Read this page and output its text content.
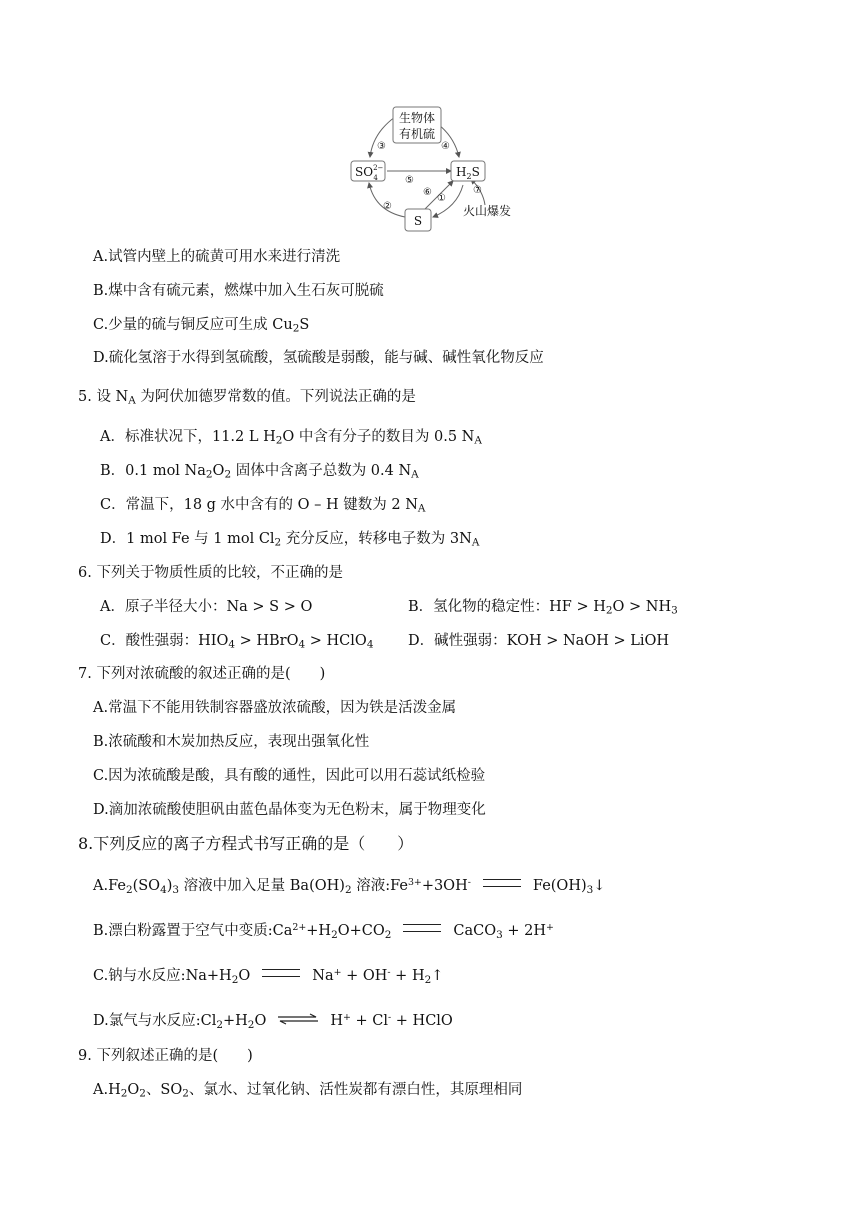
生物体
有机硫
$SO^{2-}$ 4	$H_2S$
S
①
②
③	④
⑤
⑥	⑦
火山爆发
A.试管内壁上的硫黄可用水来进行清洗
B.煤中含有硫元素，燃煤中加入生石灰可脱硫
C.少量的硫与铜反应可生成 $Cu_2S$
D.硫化氢溶于水得到氢硫酸，氢硫酸是弱酸，能与碱、碱性氧化物反应
5. 设 $N_A$ 为阿伏加德罗常数的值。下列说法正确的是
A．标准状况下，11.2 L $H_2O$ 中含有分子的数目为 0.5 $N_A$
B．0.1 mol $Na_2O_2$ 固体中含离子总数为 0.4 $N_A$
C．常温下，18 g 水中含有的 O – H 键数为 2 $N_A$
D．1 mol Fe 与 1 mol $Cl_2$ 充分反应，转移电子数为 $3N_A$
6. 下列关于物质性质的比较，不正确的是
A．原子半径大小：Na > S > O	B．氢化物的稳定性：HF > $H_2O > NH_3$
C．酸性强弱：$HIO_4$ > HBrO$_4$ > HClO$_4$ D．碱性强弱：KOH > NaOH > LiOH
7. 下列对浓硫酸的叙述正确的是(　　)
A.常温下不能用铁制容器盛放浓硫酸，因为铁是活泼金属
B.浓硫酸和木炭加热反应，表现出强氧化性
C.因为浓硫酸是酸，具有酸的通性，因此可以用石蕊试纸检验
D.滴加浓硫酸使胆矾由蓝色晶体变为无色粉末，属于物理变化
8.下列反应的离子方程式书写正确的是（　　）
$A.Fe_2(SO_4)_3$ 溶液中加入足量 $Ba(OH)_2$ 溶液$:Fe^{3+}+3OH^-$	$Fe(OH)_3↓$
B.漂白粉露置于空气中变质$:Ca^{2+}+H_2O+CO_2$	CaCO$_3$ + 2H+
C.钠与水反应$:Na+H_2O$	$Na^+ + OH^- + H_2↑$
D.氯气与水反应$:Cl_2+H_2O$ ⇌ H+ + Cl- + HClO
9. 下列叙述正确的是(　　)
$A.H_2O_2$、$SO_2$、氯水、过氧化钠、活性炭都有漂白性，其原理相同
